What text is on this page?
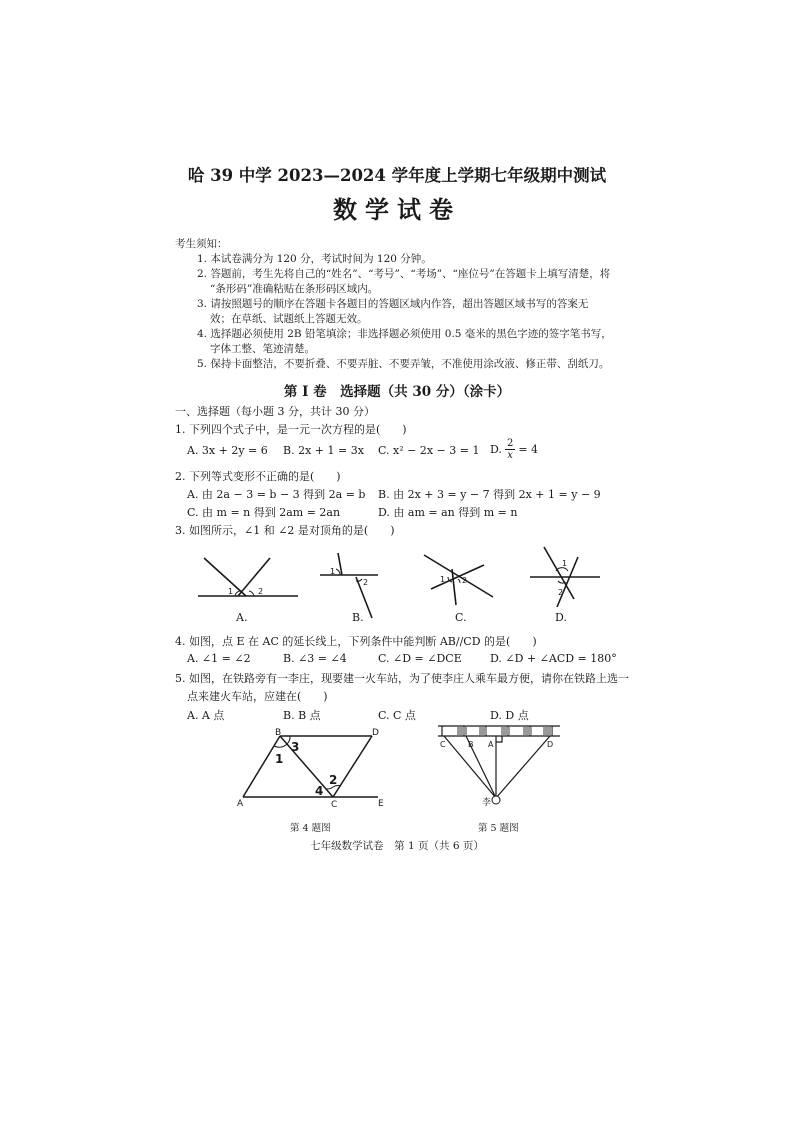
哈 39 中学 2023—2024 学年度上学期七年级期中测试
数学试卷
考生须知：
1. 本试卷满分为 120 分，考试时间为 120 分钟。
2. 答题前，考生先将自己的“姓名”、“考号”、“考场”、“座位号”在答题卡上填写清楚，将
“条形码”准确粘贴在条形码区域内。
3. 请按照题号的顺序在答题卡各题目的答题区域内作答，超出答题区域书写的答案无
效；在草纸、试题纸上答题无效。
4. 选择题必须使用 2B 铅笔填涂；非选择题必须使用 0.5 毫米的黑色字迹的签字笔书写，
字体工整、笔迹清楚。
5. 保持卡面整洁，不要折叠、不要弄脏、不要弄皱，不准使用涂改液、修正带、刮纸刀。
第 Ⅰ 卷　选择题（共 30 分）（涂卡）
一、选择题（每小题 3 分，共计 30 分）
1. 下列四个式子中，是一元一次方程的是(　　)
A. 3x + 2y = 6 B. 2x + 1 = 3x C. x² − 2x − 3 = 1 D. $\frac{2}{x} = 4$
2. 下列等式变形不正确的是(　　)
A. 由 2a − 3 = b − 3 得到 2a = b B. 由 2x + 3 = y − 7 得到 2x + 1 = y − 9
C. 由 m = n 得到 2am = 2an	D. 由 am = an 得到 m = n
3. 如图所示，∠1 和 ∠2 是对顶角的是(　　)
1	2
1
2	1 2
1
2
A.	B.	C.	D.
4. 如图，点 E 在 AC 的延长线上，下列条件中能判断 AB//CD 的是(　　)
A. ∠1 = ∠2	B. ∠3 = ∠4	C. ∠D = ∠DCE	D. ∠D + ∠ACD = 180°
5. 如图，在铁路旁有一李庄，现要建一火车站，为了使李庄人乘车最方便，请你在铁路上选一
点来建火车站，应建在(　　)
A. A 点	B. B 点	C. C 点	D. D 点
A
B
C
D
E
1
2
3
4
第 4 题图
C	B A	D
李
第 5 题图
七年级数学试卷　第 1 页（共 6 页）
